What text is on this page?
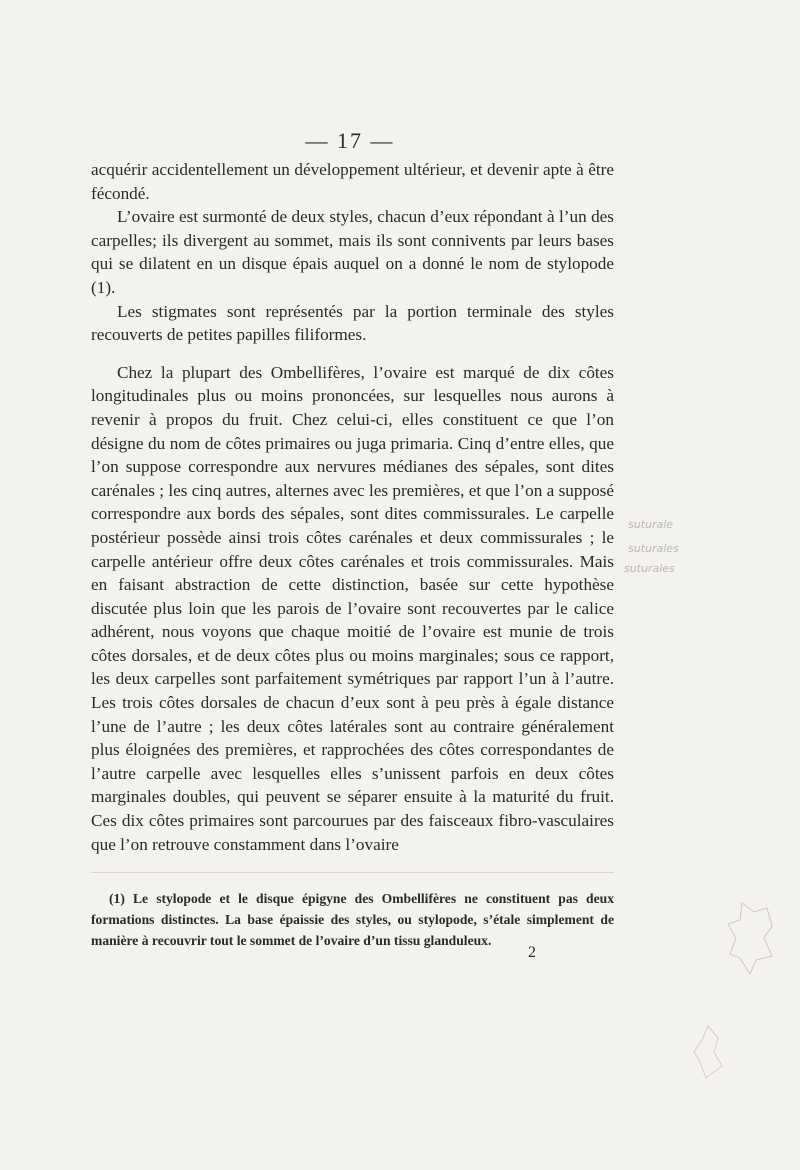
— 17 —

acquérir accidentellement un développement ultérieur, et devenir apte à être fécondé.

L’ovaire est surmonté de deux styles, chacun d’eux répondant à l’un des carpelles; ils divergent au sommet, mais ils sont connivents par leurs bases qui se dilatent en un disque épais auquel on a donné le nom de stylopode (1).

Les stigmates sont représentés par la portion terminale des styles recouverts de petites papilles filiformes.

Chez la plupart des Ombellifères, l’ovaire est marqué de dix côtes longitudinales plus ou moins prononcées, sur lesquelles nous aurons à revenir à propos du fruit. Chez celui-ci, elles constituent ce que l’on désigne du nom de côtes primaires ou juga primaria. Cinq d’entre elles, que l’on suppose correspondre aux nervures médianes des sépales, sont dites carénales ; les cinq autres, alternes avec les premières, et que l’on a supposé correspondre aux bords des sépales, sont dites commissurales. Le carpelle postérieur possède ainsi trois côtes carénales et deux commissurales ; le carpelle antérieur offre deux côtes carénales et trois commissurales. Mais en faisant abstraction de cette distinction, basée sur cette hypothèse discutée plus loin que les parois de l’ovaire sont recouvertes par le calice adhérent, nous voyons que chaque moitié de l’ovaire est munie de trois côtes dorsales, et de deux côtes plus ou moins marginales; sous ce rapport, les deux carpelles sont parfaitement symétriques par rapport l’un à l’autre. Les trois côtes dorsales de chacun d’eux sont à peu près à égale distance l’une de l’autre ; les deux côtes latérales sont au contraire généralement plus éloignées des premières, et rapprochées des côtes correspondantes de l’autre carpelle avec lesquelles elles s’unissent parfois en deux côtes marginales doubles, qui peuvent se séparer ensuite à la maturité du fruit. Ces dix côtes primaires sont parcourues par des faisceaux fibro-vasculaires que l’on retrouve constamment dans l’ovaire

(1) Le stylopode et le disque épigyne des Ombellifères ne constituent pas deux formations distinctes. La base épaissie des styles, ou stylopode, s’étale simplement de manière à recouvrir tout le sommet de l’ovaire d’un tissu glanduleux.

2
suturale
suturales
suturales
